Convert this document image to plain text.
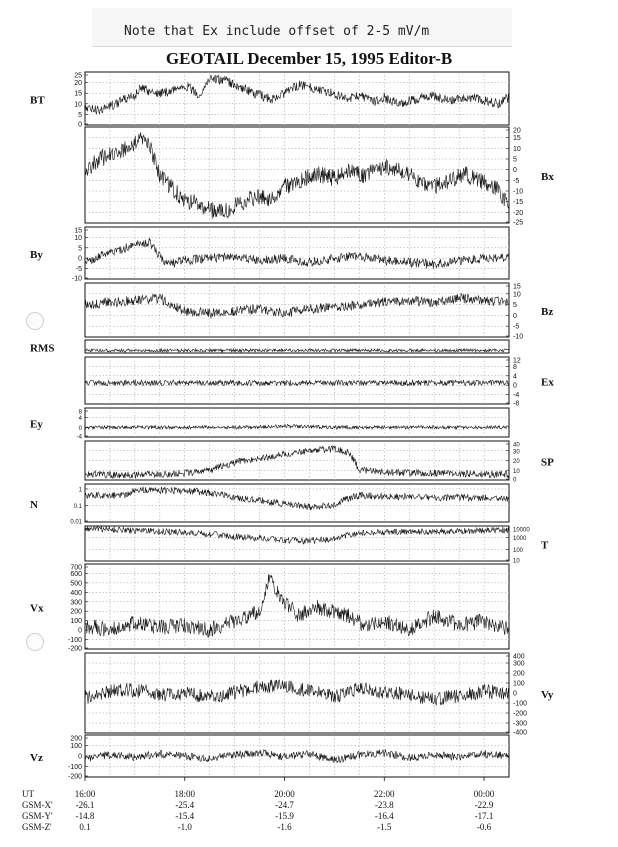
Note that Ex include offset of 2-5 mV/m
GEOTAIL December 15, 1995 Editor-B
25
20
15
10
5
0
BT
20
15
10
5
0
-5
-10
-15
-20
-25
Bx
15
10
5
0
-5
-10
By
15
10
5
0
-5
-10
Bz
RMS
12
8
4
0
-4
-8
Ex
8
4
0
-4
Ey
40
30
20
10
0
SP
1
0.1
0.01
N
10000
1000
100
10
T
700
600
500
400
300
200
100
0
-100
-200
Vx
400
300
200
100
0
-100
-200
-300
-400
Vy
200
100
0
-100
-200
Vz
UT
GSM-X'
GSM-Y'
GSM-Z'
16:00
-26.1
-14.8
0.1
18:00
-25.4
-15.4
-1.0
20:00
-24.7
-15.9
-1.6
22:00
-23.8
-16.4
-1.5
00:00
-22.9
-17.1
-0.6
